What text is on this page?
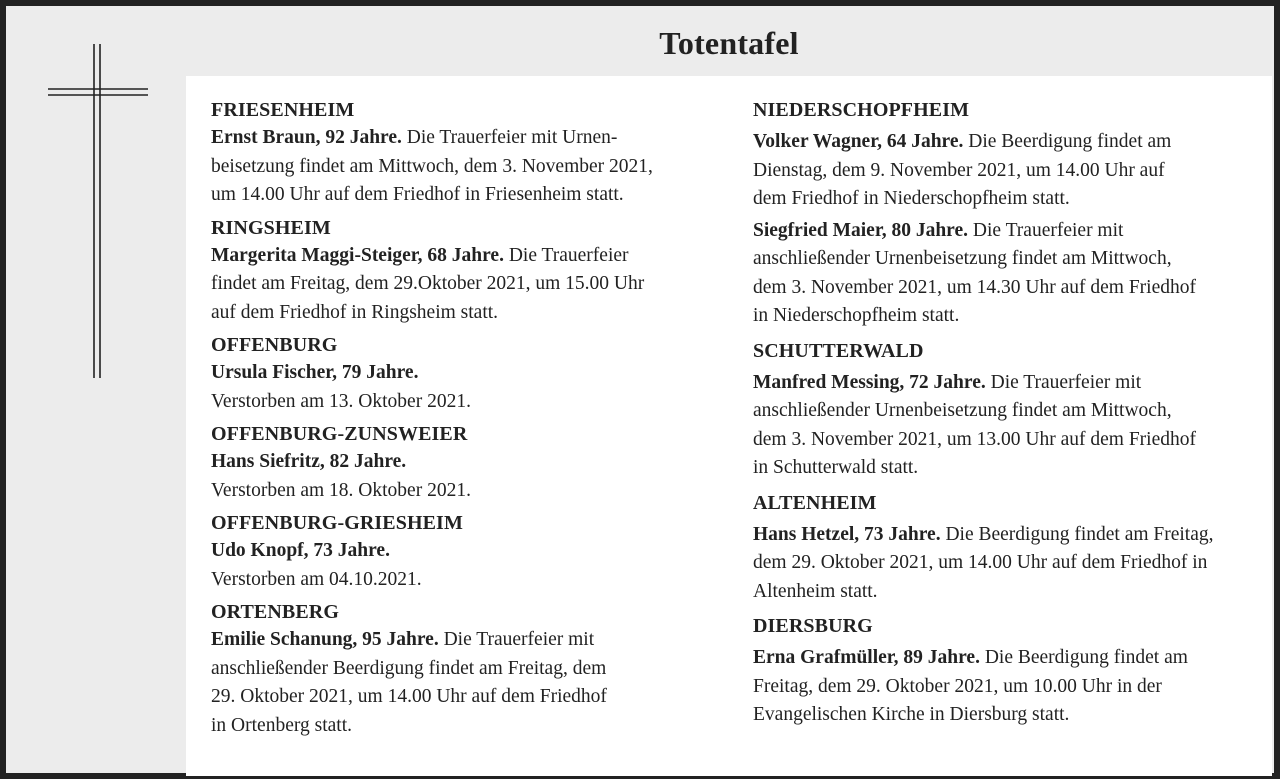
Totentafel
FRIESENHEIM
Ernst Braun, 92 Jahre. Die Trauerfeier mit Urnen-
beisetzung findet am Mittwoch, dem 3. November 2021,
um 14.00 Uhr auf dem Friedhof in Friesenheim statt.
RINGSHEIM
Margerita Maggi-Steiger, 68 Jahre. Die Trauerfeier
findet am Freitag, dem 29.Oktober 2021, um 15.00 Uhr
auf dem Friedhof in Ringsheim statt.
OFFENBURG
Ursula Fischer, 79 Jahre.
Verstorben am 13. Oktober 2021.
OFFENBURG-ZUNSWEIER
Hans Siefritz, 82 Jahre.
Verstorben am 18. Oktober 2021.
OFFENBURG-GRIESHEIM
Udo Knopf, 73 Jahre.
Verstorben am 04.10.2021.
ORTENBERG
Emilie Schanung, 95 Jahre. Die Trauerfeier mit
anschließender Beerdigung findet am Freitag, dem
29. Oktober 2021, um 14.00 Uhr auf dem Friedhof
in Ortenberg statt.
NIEDERSCHOPFHEIM
Volker Wagner, 64 Jahre. Die Beerdigung findet am
Dienstag, dem 9. November 2021, um 14.00 Uhr auf
dem Friedhof in Niederschopfheim statt.
Siegfried Maier, 80 Jahre. Die Trauerfeier mit
anschließender Urnenbeisetzung findet am Mittwoch,
dem 3. November 2021, um 14.30 Uhr auf dem Friedhof
in Niederschopfheim statt.
SCHUTTERWALD
Manfred Messing, 72 Jahre. Die Trauerfeier mit
anschließender Urnenbeisetzung findet am Mittwoch,
dem 3. November 2021, um 13.00 Uhr auf dem Friedhof
in Schutterwald statt.
ALTENHEIM
Hans Hetzel, 73 Jahre. Die Beerdigung findet am Freitag,
dem 29. Oktober 2021, um 14.00 Uhr auf dem Friedhof in
Altenheim statt.
DIERSBURG
Erna Grafmüller, 89 Jahre. Die Beerdigung findet am
Freitag, dem 29. Oktober 2021, um 10.00 Uhr in der
Evangelischen Kirche in Diersburg statt.
